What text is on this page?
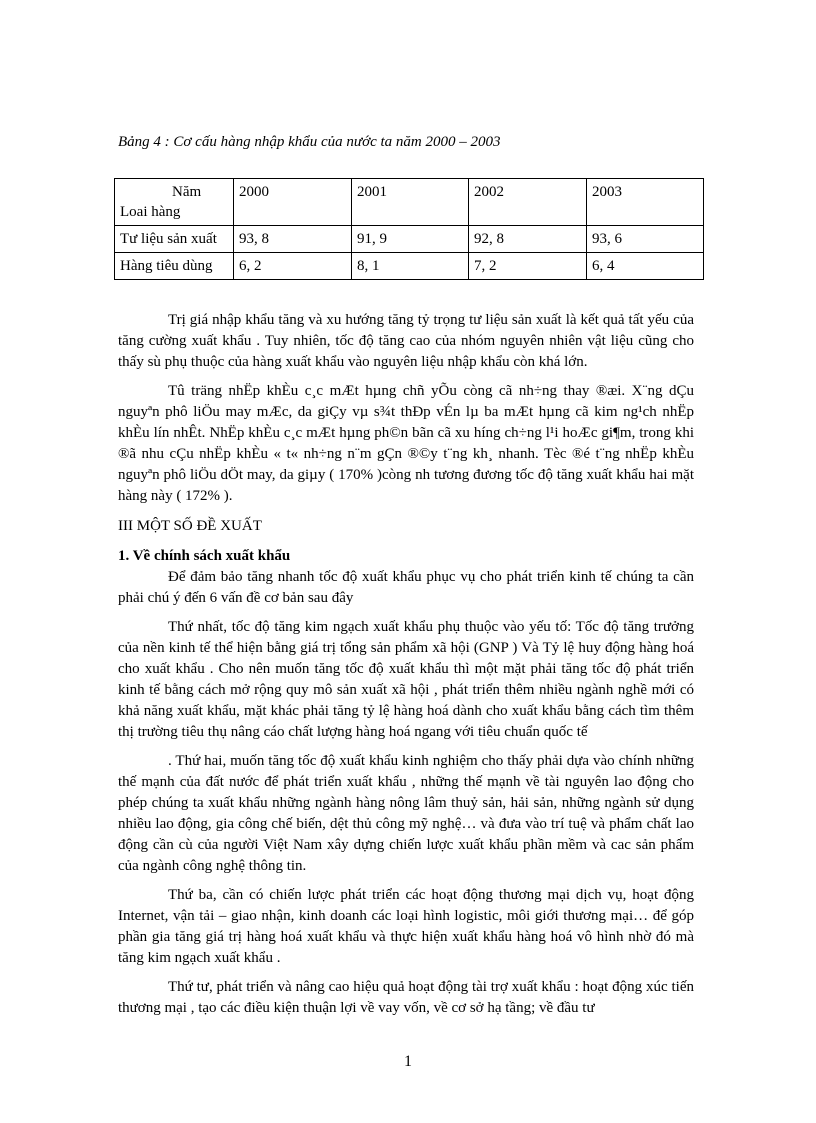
Bảng 4 : Cơ cấu hàng nhập khẩu của nước ta năm 2000 – 2003
Năm
Loai hàng	2000	2001	2002	2003
Tư liệu sản xuất	93, 8	91, 9	92, 8	93, 6
Hàng tiêu dùng	6, 2	8, 1	7, 2	6, 4

Trị giá nhập khẩu tăng và xu hướng tăng tỷ trọng tư liệu sản xuất là kết quả tất yếu của tăng cường xuất khẩu . Tuy nhiên, tốc độ tăng cao của nhóm nguyên nhiên vật liệu cũng cho thấy sù phụ thuộc của hàng xuất khẩu vào nguyên liệu nhập khẩu còn khá lớn.

Tû träng nhËp khÈu c¸c mÆt hµng chñ yÕu còng cã nh÷ng thay ®æi. X¨ng dÇu nguyªn phô liÖu may mÆc, da giÇy vµ s¾t thÐp vÉn lµ ba mÆt hµng cã kim ng¹ch nhËp khÈu lín nhÊt. NhËp khÈu c¸c mÆt hµng ph©n bãn cã xu híng ch÷ng l¹i hoÆc gi¶m, trong khi ®ã nhu cÇu nhËp khÈu « t« nh÷ng n¨m gÇn ®©y t¨ng kh¸ nhanh. Tèc ®é t¨ng nhËp khÈu nguyªn phô liÖu dÖt may, da giµy ( 170% )còng nh tương đương tốc độ tăng xuất khẩu hai mặt hàng này ( 172% ).

III MỘT SỐ ĐỀ XUẤT
1. Về chính sách xuất khẩu

Để đảm bảo tăng nhanh tốc độ xuất khẩu phục vụ cho phát triển kinh tế chúng ta cần phải chú ý đến 6 vấn đề cơ bản sau đây

Thứ nhất, tốc độ tăng kim ngạch xuất khẩu phụ thuộc vào yếu tố: Tốc độ tăng trưởng của nền kinh tế thể hiện bằng giá trị tổng sản phẩm xã hội (GNP ) Và Tỷ lệ huy động hàng hoá cho xuất khẩu . Cho nên muốn tăng tốc độ xuất khẩu thì một mặt phải tăng tốc độ phát triển kinh tế bằng cách mở rộng quy mô sản xuất xã hội , phát triển thêm nhiều ngành nghề mới có khả năng xuất khẩu, mặt khác phải tăng tỷ lệ hàng hoá dành cho xuất khẩu bằng cách tìm thêm thị trường tiêu thụ nâng cáo chất lượng hàng hoá ngang với tiêu chuẩn quốc tế

. Thứ hai, muốn tăng tốc độ xuất khẩu kinh nghiệm cho thấy phải dựa vào chính những thế mạnh của đất nước để phát triển xuất khẩu , những thế mạnh về tài nguyên lao động cho phép chúng ta xuất khẩu những ngành hàng nông lâm thuỷ sản, hải sản, những ngành sử dụng nhiều lao động, gia công chế biến, dệt thủ công mỹ nghệ… và đưa vào trí tuệ và phẩm chất lao động cần cù của người Việt Nam xây dựng chiến lược xuất khẩu phần mềm và cac sản phẩm của ngành công nghệ thông tin.

Thứ ba, cần có chiến lược phát triển các hoạt động thương mại dịch vụ, hoạt động Internet, vận tải – giao nhận, kinh doanh các loại hình logistic, môi giới thương mại… để góp phần gia tăng giá trị hàng hoá xuất khẩu và thực hiện xuất khẩu hàng hoá vô hình nhờ đó mà tăng kim ngạch xuất khẩu .

Thứ tư, phát triển và nâng cao hiệu quả hoạt động tài trợ xuất khẩu : hoạt động xúc tiến thương mại , tạo các điều kiện thuận lợi về vay vốn, về cơ sở hạ tầng; về đầu tư

1
